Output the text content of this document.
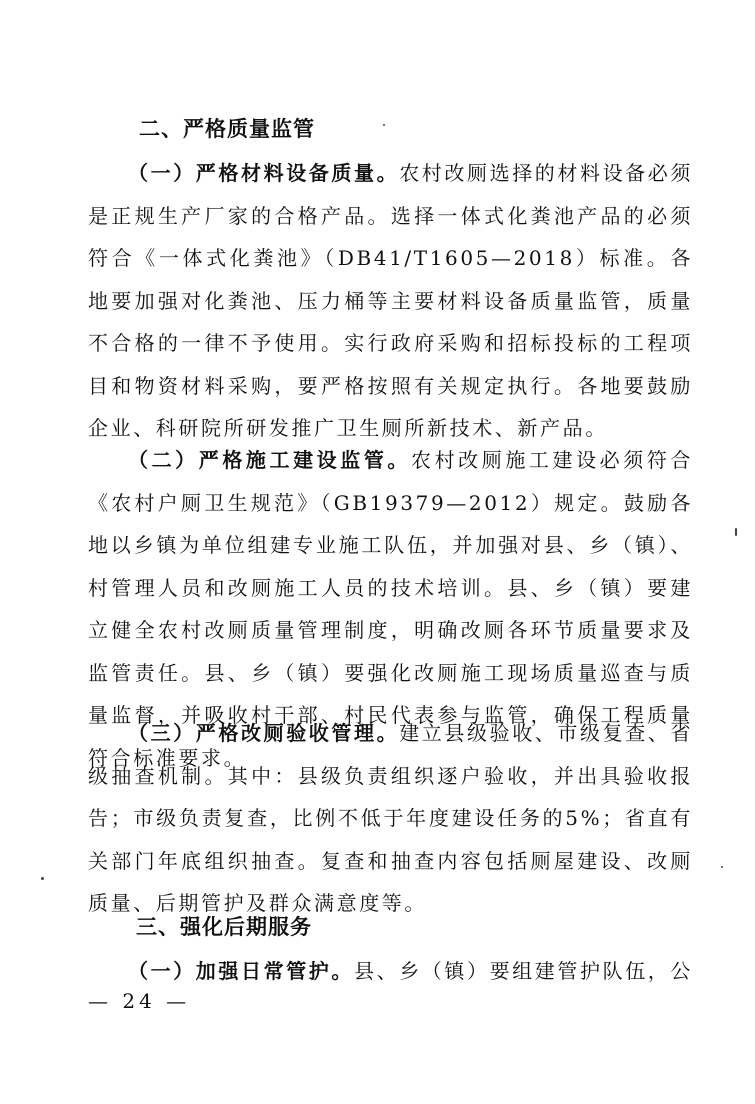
二、严格质量监管

（一）严格材料设备质量。农村改厕选择的材料设备必须是正规生产厂家的合格产品。选择一体式化粪池产品的必须符合《一体式化粪池》（DB41/T1605—2018）标准。各地要加强对化粪池、压力桶等主要材料设备质量监管，质量不合格的一律不予使用。实行政府采购和招标投标的工程项目和物资材料采购，要严格按照有关规定执行。各地要鼓励企业、科研院所研发推广卫生厕所新技术、新产品。

（二）严格施工建设监管。农村改厕施工建设必须符合《农村户厕卫生规范》（GB19379—2012）规定。鼓励各地以乡镇为单位组建专业施工队伍，并加强对县、乡（镇）、村管理人员和改厕施工人员的技术培训。县、乡（镇）要建立健全农村改厕质量管理制度，明确改厕各环节质量要求及监管责任。县、乡（镇）要强化改厕施工现场质量巡查与质量监督，并吸收村干部、村民代表参与监管，确保工程质量符合标准要求。

（三）严格改厕验收管理。建立县级验收、市级复查、省级抽查机制。其中：县级负责组织逐户验收，并出具验收报告；市级负责复查，比例不低于年度建设任务的5%；省直有关部门年底组织抽查。复查和抽查内容包括厕屋建设、改厕质量、后期管护及群众满意度等。

三、强化后期服务

（一）加强日常管护。县、乡（镇）要组建管护队伍，公

— 24 —
